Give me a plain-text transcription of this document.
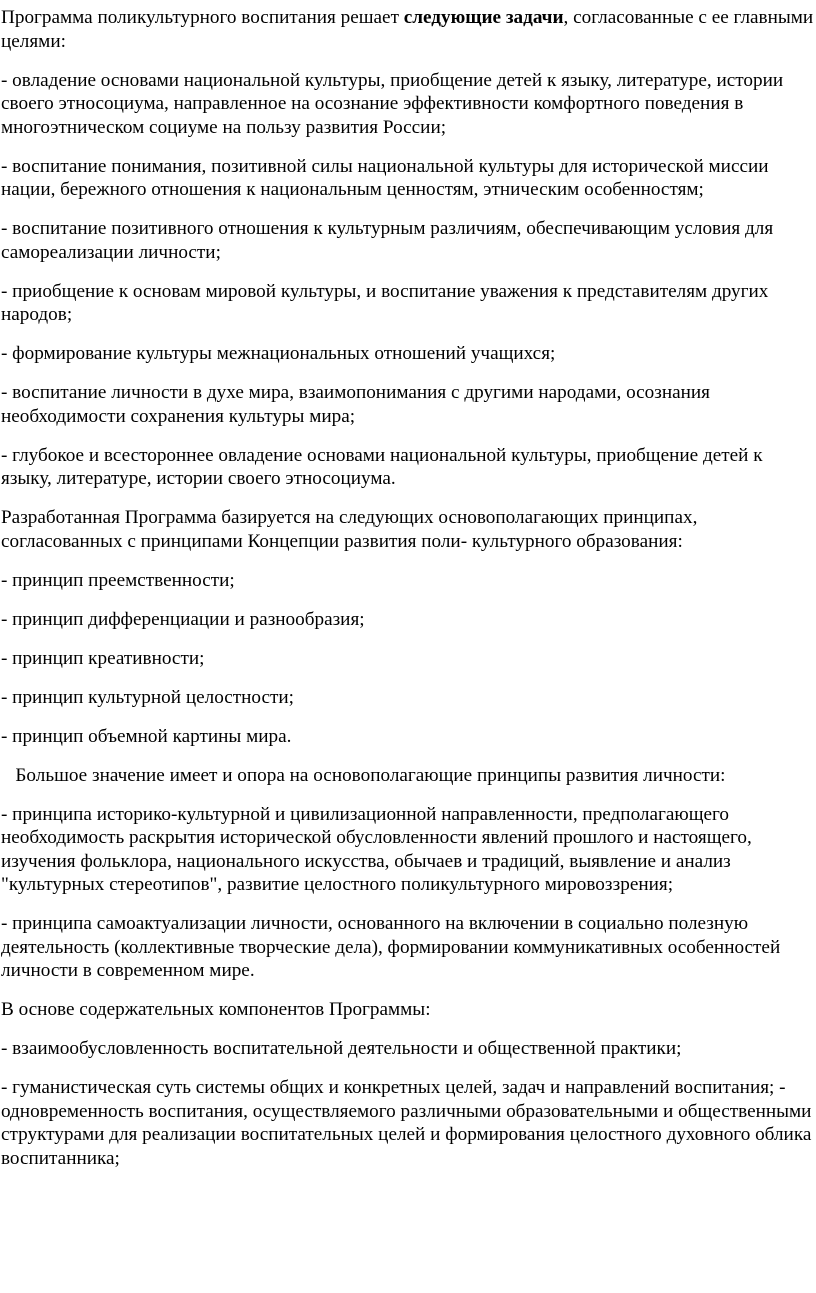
Программа поликультурного воспитания решает следующие задачи, согласованные с ее главными целями:

- овладение основами национальной культуры, приобщение детей к языку, литературе, истории своего этносоциума, направленное на осознание эффективности комфортного поведения в многоэтническом социуме на пользу развития России;

- воспитание понимания, позитивной силы национальной культуры для исторической миссии нации, бережного отношения к национальным ценностям, этническим особенностям;

- воспитание позитивного отношения к культурным различиям, обеспечивающим условия для самореализации личности;

- приобщение к основам мировой культуры, и воспитание уважения к представителям других народов;

- формирование культуры межнациональных отношений учащихся;

- воспитание личности в духе мира, взаимопонимания с другими народами, осознания необходимости сохранения культуры мира;

- глубокое и всестороннее овладение основами национальной культуры, приобщение детей к языку, литературе, истории своего этносоциума.

Разработанная Программа базируется на следующих основополагающих принципах, согласованных с принципами Концепции развития поли- культурного образования:

- принцип преемственности;

- принцип дифференциации и разнообразия;

- принцип креативности;

- принцип культурной целостности;

- принцип объемной картины мира.

Большое значение имеет и опора на основополагающие принципы развития личности:

- принципа историко-культурной и цивилизационной направленности, предполагающего необходимость раскрытия исторической обусловленности явлений прошлого и настоящего, изучения фольклора, национального искусства, обычаев и традиций, выявление и анализ "культурных стереотипов", развитие целостного поликультурного мировоззрения;

- принципа самоактуализации личности, основанного на включении в социально полезную деятельность (коллективные творческие дела), формировании коммуникативных особенностей личности в современном мире.

В основе содержательных компонентов Программы:

- взаимообусловленность воспитательной деятельности и общественной практики;

- гуманистическая суть системы общих и конкретных целей, задач и направлений воспитания; - одновременность воспитания, осуществляемого различными образовательными и общественными структурами для реализации воспитательных целей и формирования целостного духовного облика воспитанника;
